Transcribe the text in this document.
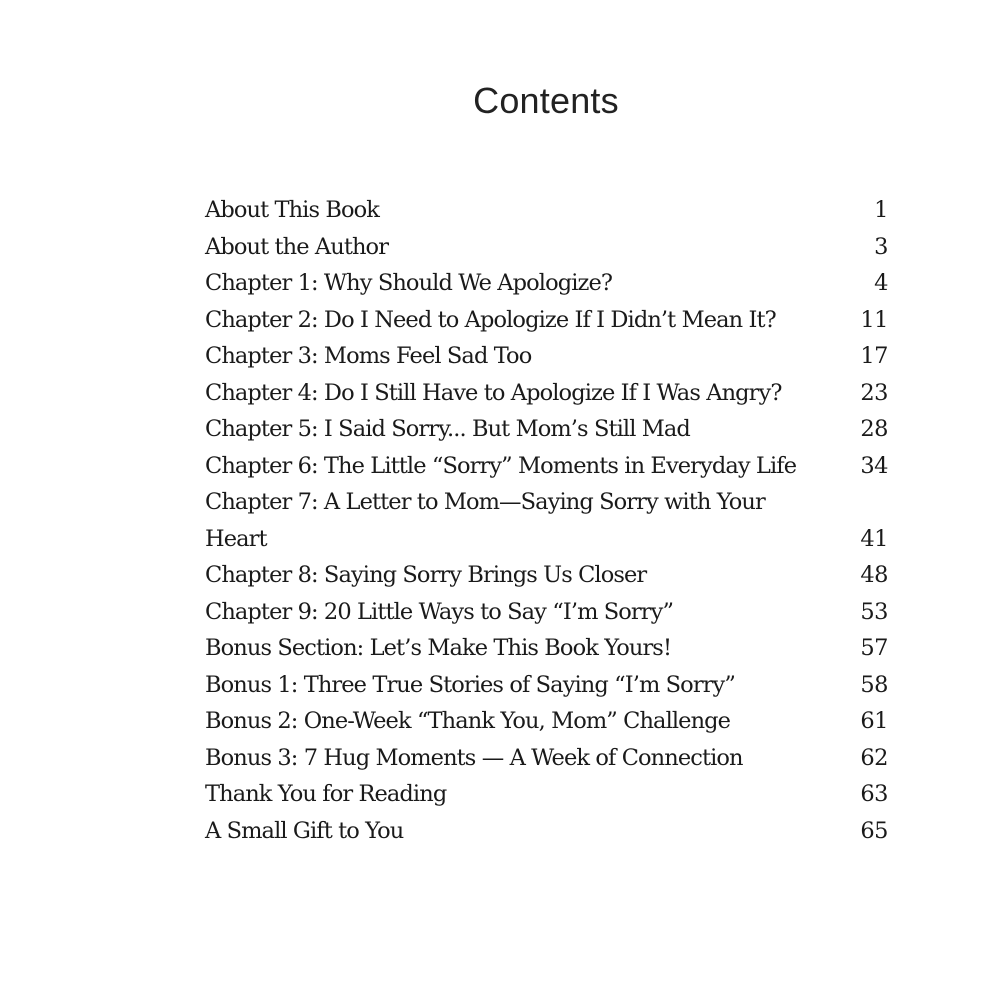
Contents
About This Book	1
About the Author	3
Chapter 1: Why Should We Apologize?	4
Chapter 2: Do I Need to Apologize If I Didn’t Mean It?	11
Chapter 3: Moms Feel Sad Too	17
Chapter 4: Do I Still Have to Apologize If I Was Angry?	23
Chapter 5: I Said Sorry... But Mom’s Still Mad	28
Chapter 6: The Little “Sorry” Moments in Everyday Life	34
Chapter 7: A Letter to Mom—Saying Sorry with Your Heart	41
Chapter 8: Saying Sorry Brings Us Closer	48
Chapter 9: 20 Little Ways to Say “I’m Sorry”	53
Bonus Section: Let’s Make This Book Yours!	57
Bonus 1: Three True Stories of Saying “I’m Sorry”	58
Bonus 2: One-Week “Thank You, Mom” Challenge	61
Bonus 3: 7 Hug Moments — A Week of Connection	62
Thank You for Reading	63
A Small Gift to You	65
